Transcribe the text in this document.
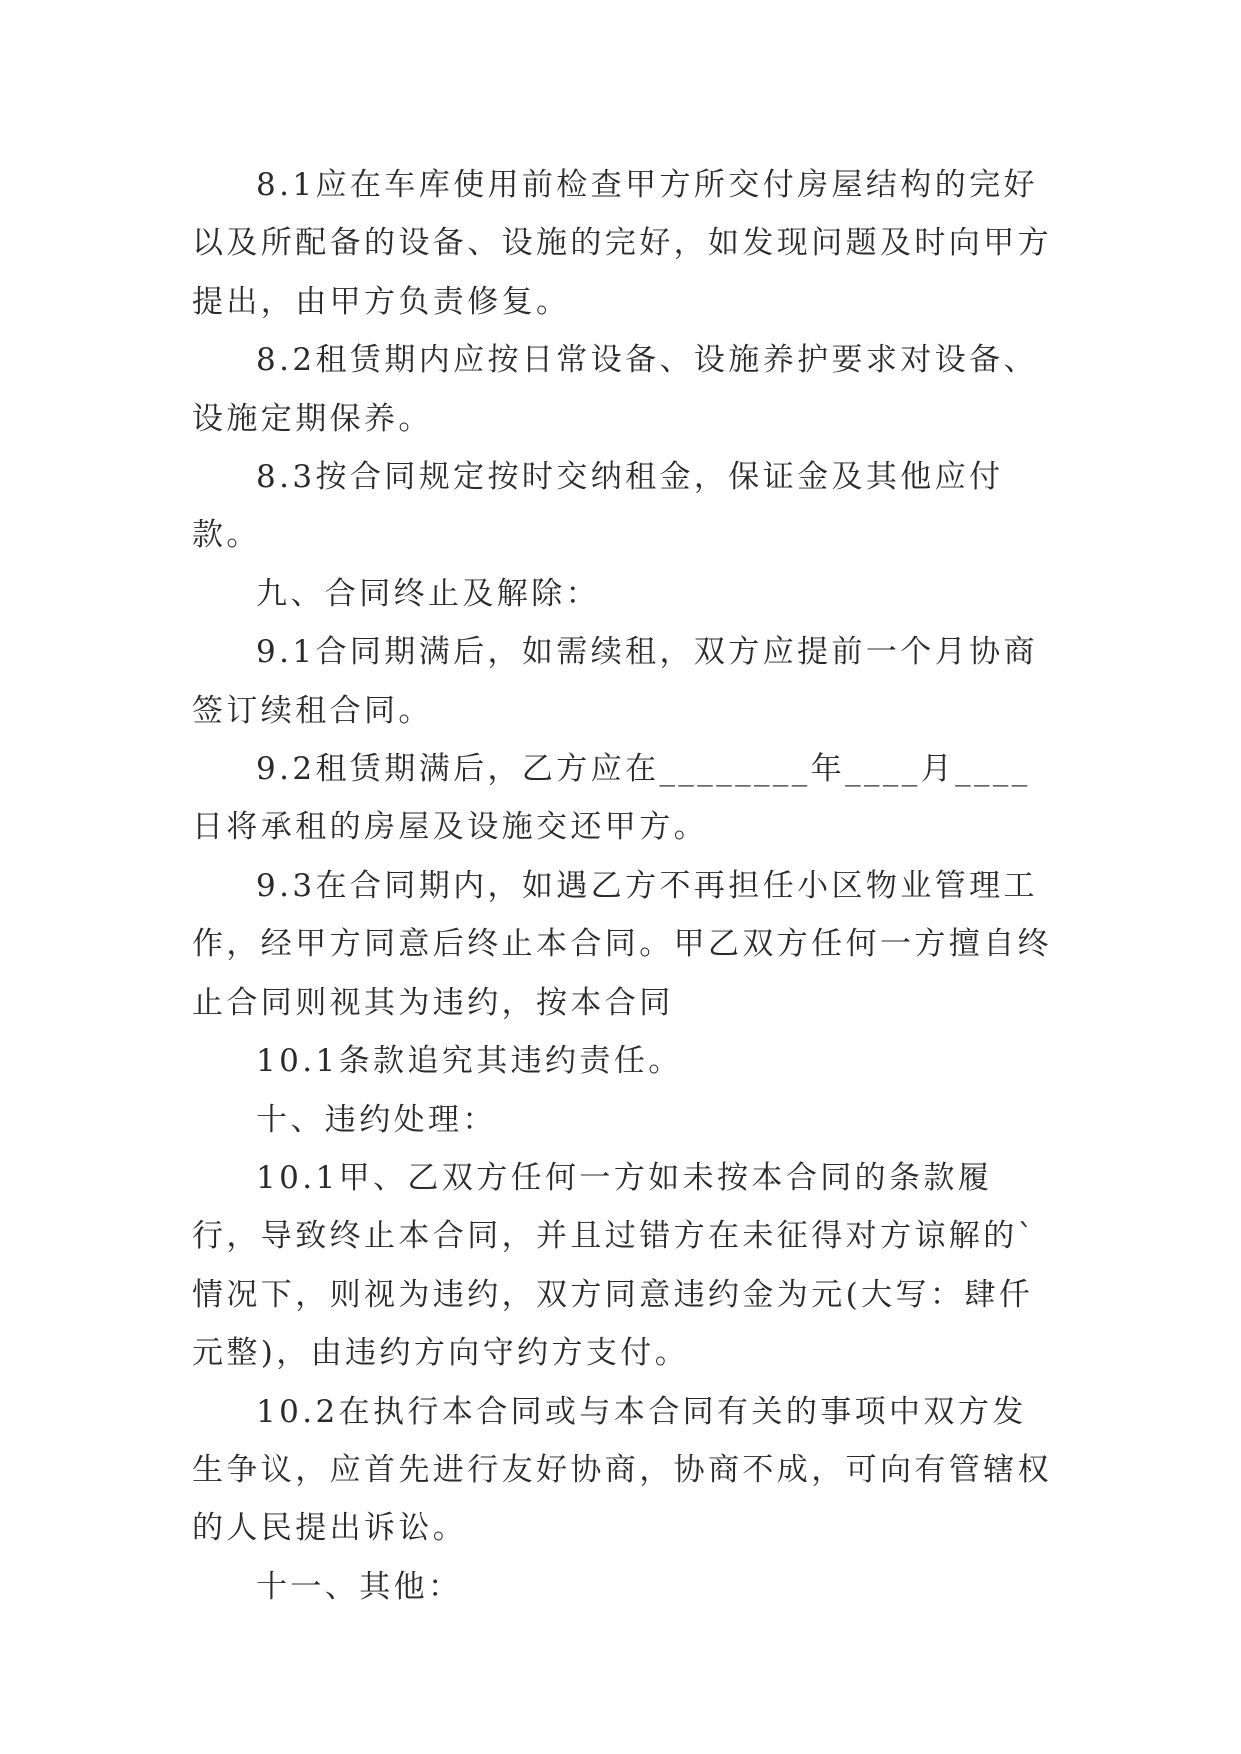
8.1应在车库使用前检查甲方所交付房屋结构的完好以及所配备的设备、设施的完好，如发现问题及时向甲方提出，由甲方负责修复。

8.2租赁期内应按日常设备、设施养护要求对设备、设施定期保养。

8.3按合同规定按时交纳租金，保证金及其他应付款。

九、合同终止及解除：

9.1合同期满后，如需续租，双方应提前一个月协商签订续租合同。

9.2租赁期满后，乙方应在________年____月____日将承租的房屋及设施交还甲方。

9.3在合同期内，如遇乙方不再担任小区物业管理工作，经甲方同意后终止本合同。甲乙双方任何一方擅自终止合同则视其为违约，按本合同

10.1条款追究其违约责任。

十、违约处理：

10.1甲、乙双方任何一方如未按本合同的条款履行，导致终止本合同，并且过错方在未征得对方谅解的`情况下，则视为违约，双方同意违约金为元(大写：肆仟元整)，由违约方向守约方支付。

10.2在执行本合同或与本合同有关的事项中双方发生争议，应首先进行友好协商，协商不成，可向有管辖权的人民提出诉讼。

十一、其他：
